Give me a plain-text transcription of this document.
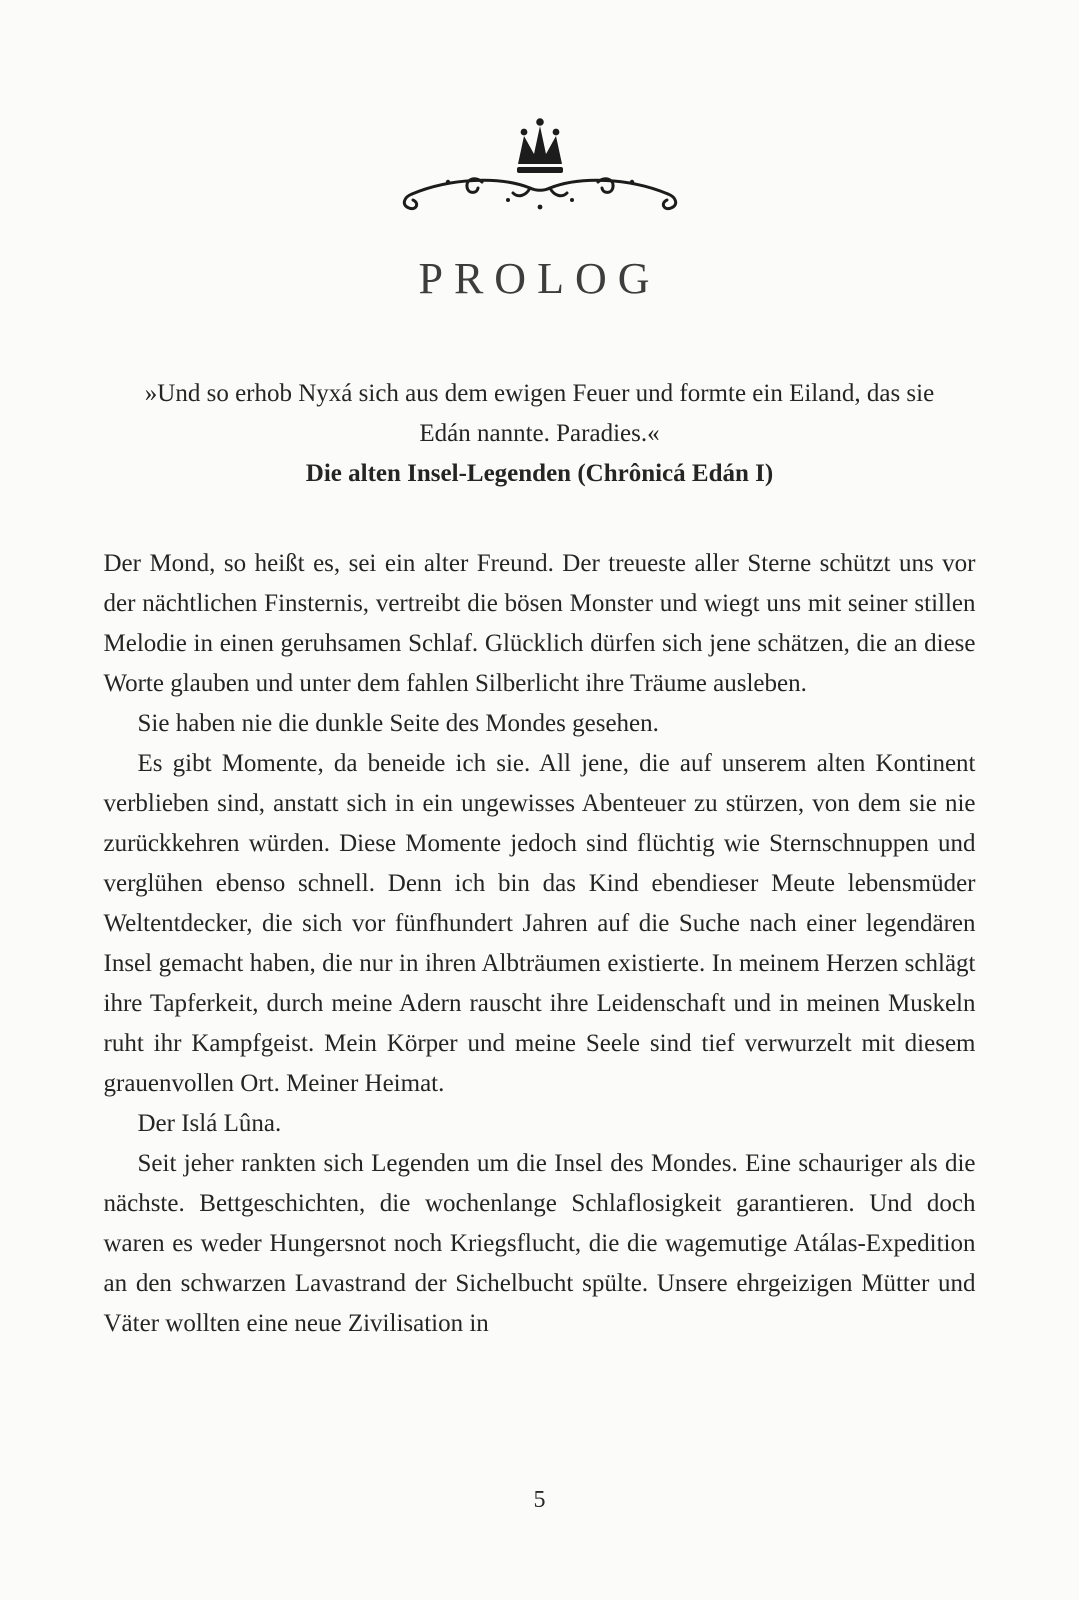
PROLOG
»Und so erhob Nyxá sich aus dem ewigen Feuer und formte ein Eiland, das sie Edán nannte. Paradies.«
Die alten Insel-Legenden (Chrônicá Edán I)

Der Mond, so heißt es, sei ein alter Freund. Der treueste aller Sterne schützt uns vor der nächtlichen Finsternis, vertreibt die bösen Monster und wiegt uns mit seiner stillen Melodie in einen geruhsamen Schlaf. Glücklich dürfen sich jene schätzen, die an diese Worte glauben und unter dem fahlen Silberlicht ihre Träume ausleben.

Sie haben nie die dunkle Seite des Mondes gesehen.

Es gibt Momente, da beneide ich sie. All jene, die auf unserem alten Kontinent verblieben sind, anstatt sich in ein ungewisses Abenteuer zu stürzen, von dem sie nie zurückkehren würden. Diese Momente jedoch sind flüchtig wie Sternschnuppen und verglühen ebenso schnell. Denn ich bin das Kind ebendieser Meute lebensmüder Weltentdecker, die sich vor fünfhundert Jahren auf die Suche nach einer legendären Insel gemacht haben, die nur in ihren Albträumen existierte. In meinem Herzen schlägt ihre Tapferkeit, durch meine Adern rauscht ihre Leidenschaft und in meinen Muskeln ruht ihr Kampfgeist. Mein Körper und meine Seele sind tief verwurzelt mit diesem grauenvollen Ort. Meiner Heimat.

Der Islá Lûna.

Seit jeher rankten sich Legenden um die Insel des Mondes. Eine schauriger als die nächste. Bettgeschichten, die wochenlange Schlaflosigkeit garantieren. Und doch waren es weder Hungersnot noch Kriegsflucht, die die wagemutige Atálas-Expedition an den schwarzen Lavastrand der Sichelbucht spülte. Unsere ehrgeizigen Mütter und Väter wollten eine neue Zivilisation in

5
